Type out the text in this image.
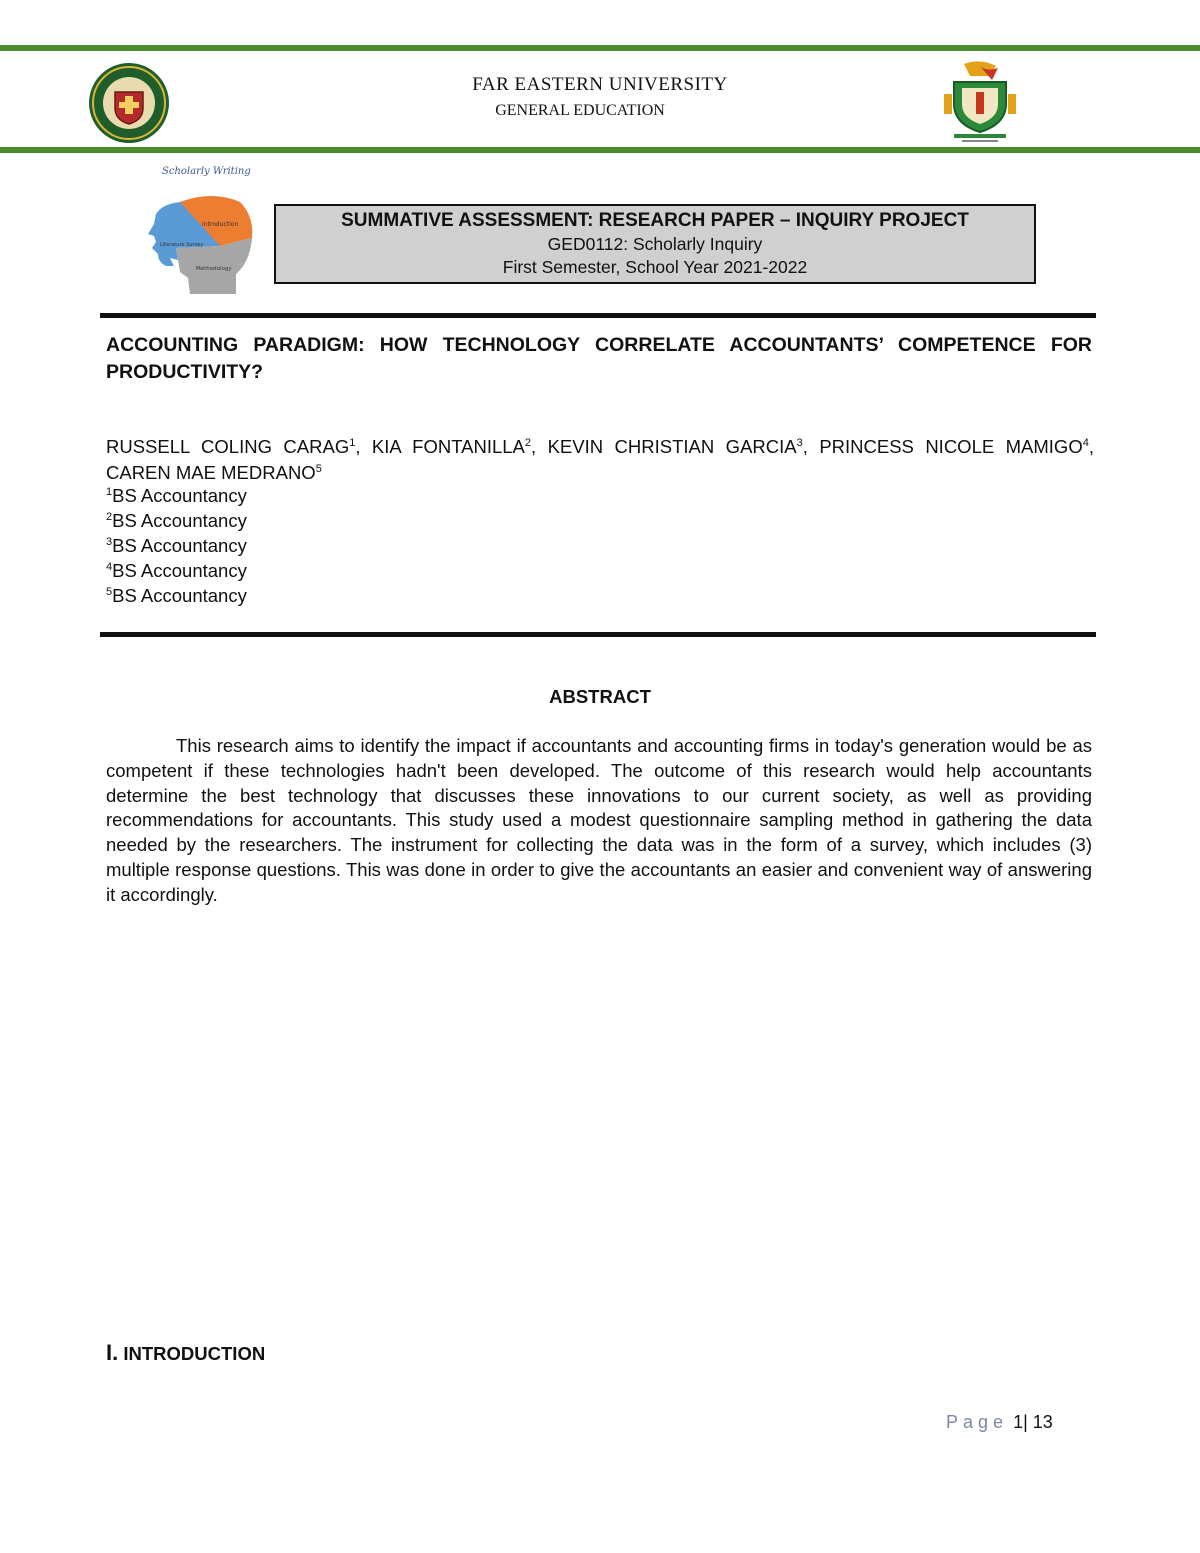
FAR EASTERN UNIVERSITY
GENERAL EDUCATION
Scholarly Writing
Introduction
Literature Survey
Methodology
SUMMATIVE ASSESSMENT: RESEARCH PAPER – INQUIRY PROJECT
GED0112: Scholarly Inquiry
First Semester, School Year 2021-2022
ACCOUNTING PARADIGM: HOW TECHNOLOGY CORRELATE ACCOUNTANTS’ COMPETENCE FOR PRODUCTIVITY?
RUSSELL COLING CARAG$^1$, KIA FONTANILLA$^2$, KEVIN CHRISTIAN GARCIA$^3$, PRINCESS NICOLE MAMIGO$^4$, CAREN MAE MEDRANO$^5$
$^1$BS Accountancy
$^2$BS Accountancy
$^3$BS Accountancy
$^4$BS Accountancy
$^5$BS Accountancy
ABSTRACT
This research aims to identify the impact if accountants and accounting firms in today's generation would be as competent if these technologies hadn't been developed. The outcome of this research would help accountants determine the best technology that discusses these innovations to our current society, as well as providing recommendations for accountants. This study used a modest questionnaire sampling method in gathering the data needed by the researchers. The instrument for collecting the data was in the form of a survey, which includes (3) multiple response questions. This was done in order to give the accountants an easier and convenient way of answering it accordingly.
I. INTRODUCTION
Page 1| 13
